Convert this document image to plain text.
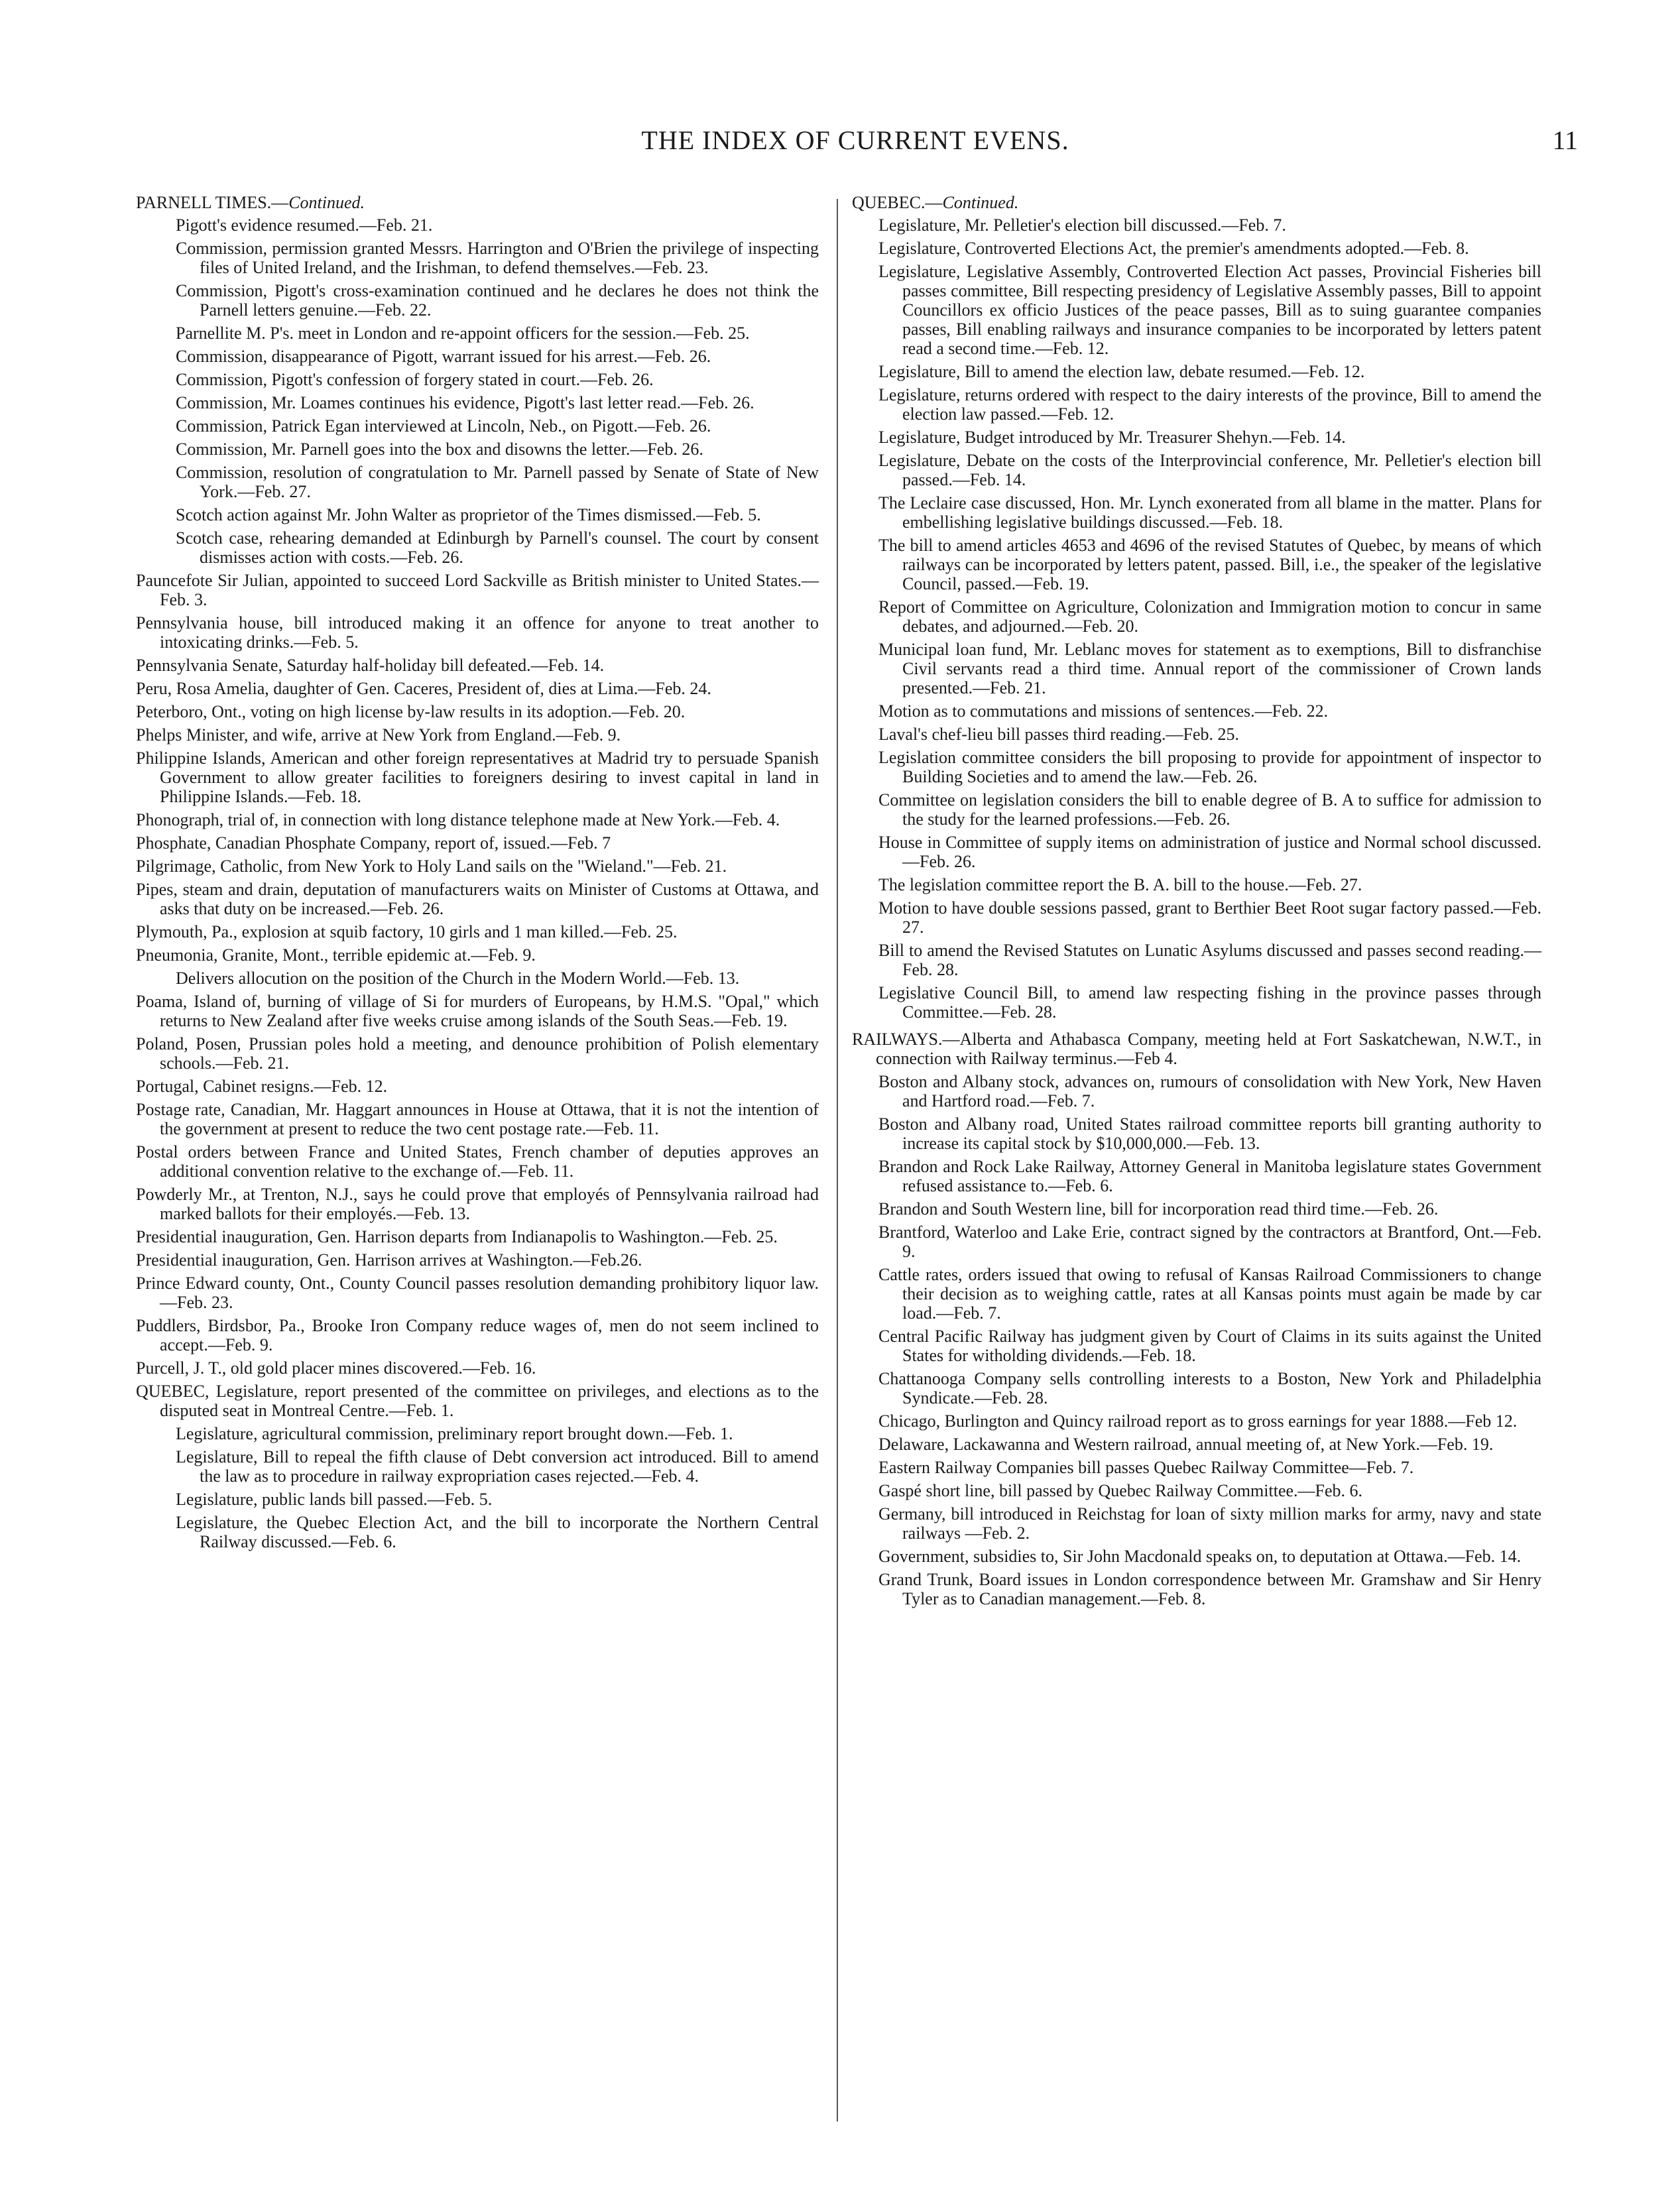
THE INDEX OF CURRENT EVENS.	11
PARNELL TIMES.—Continued.
Pigott's evidence resumed.—Feb. 21.
Commission, permission granted Messrs. Harrington and O'Brien the privilege of inspecting files of United Ireland, and the Irishman, to defend themselves.—Feb. 23.
Commission, Pigott's cross-examination continued and he declares he does not think the Parnell letters genuine.—Feb. 22.
Parnellite M. P's. meet in London and re-appoint officers for the session.—Feb. 25.
Commission, disappearance of Pigott, warrant issued for his arrest.—Feb. 26.
Commission, Pigott's confession of forgery stated in court.—Feb. 26.
Commission, Mr. Loames continues his evidence, Pigott's last letter read.—Feb. 26.
Commission, Patrick Egan interviewed at Lincoln, Neb., on Pigott.—Feb. 26.
Commission, Mr. Parnell goes into the box and disowns the letter.—Feb. 26.
Commission, resolution of congratulation to Mr. Parnell passed by Senate of State of New York.—Feb. 27.
Scotch action against Mr. John Walter as proprietor of the Times dismissed.—Feb. 5.
Scotch case, rehearing demanded at Edinburgh by Parnell's counsel. The court by consent dismisses action with costs.—Feb. 26.
Pauncefote Sir Julian, appointed to succeed Lord Sackville as British minister to United States.—Feb. 3.
Pennsylvania house, bill introduced making it an offence for anyone to treat another to intoxicating drinks.—Feb. 5.
Pennsylvania Senate, Saturday half-holiday bill defeated.—Feb. 14.
Peru, Rosa Amelia, daughter of Gen. Caceres, President of, dies at Lima.—Feb. 24.
Peterboro, Ont., voting on high license by-law results in its adoption.—Feb. 20.
Phelps Minister, and wife, arrive at New York from England.—Feb. 9.
Philippine Islands, American and other foreign representatives at Madrid try to persuade Spanish Government to allow greater facilities to foreigners desiring to invest capital in land in Philippine Islands.—Feb. 18.
Phonograph, trial of, in connection with long distance telephone made at New York.—Feb. 4.
Phosphate, Canadian Phosphate Company, report of, issued.—Feb. 7
Pilgrimage, Catholic, from New York to Holy Land sails on the "Wieland."—Feb. 21.
Pipes, steam and drain, deputation of manufacturers waits on Minister of Customs at Ottawa, and asks that duty on be increased.—Feb. 26.
Plymouth, Pa., explosion at squib factory, 10 girls and 1 man killed.—Feb. 25.
Pneumonia, Granite, Mont., terrible epidemic at.—Feb. 9.
Delivers allocution on the position of the Church in the Modern World.—Feb. 13.
Poama, Island of, burning of village of Si for murders of Europeans, by H.M.S. "Opal," which returns to New Zealand after five weeks cruise among islands of the South Seas.—Feb. 19.
Poland, Posen, Prussian poles hold a meeting, and denounce prohibition of Polish elementary schools.—Feb. 21.
Portugal, Cabinet resigns.—Feb. 12.
Postage rate, Canadian, Mr. Haggart announces in House at Ottawa, that it is not the intention of the government at present to reduce the two cent postage rate.—Feb. 11.
Postal orders between France and United States, French chamber of deputies approves an additional convention relative to the exchange of.—Feb. 11.
Powderly Mr., at Trenton, N.J., says he could prove that employés of Pennsylvania railroad had marked ballots for their employés.—Feb. 13.
Presidential inauguration, Gen. Harrison departs from Indianapolis to Washington.—Feb. 25.
Presidential inauguration, Gen. Harrison arrives at Washington.—Feb.26.
Prince Edward county, Ont., County Council passes resolution demanding prohibitory liquor law.—Feb. 23.
Puddlers, Birdsbor, Pa., Brooke Iron Company reduce wages of, men do not seem inclined to accept.—Feb. 9.
Purcell, J. T., old gold placer mines discovered.—Feb. 16.
QUEBEC, Legislature, report presented of the committee on privileges, and elections as to the disputed seat in Montreal Centre.—Feb. 1.
Legislature, agricultural commission, preliminary report brought down.—Feb. 1.
Legislature, Bill to repeal the fifth clause of Debt conversion act introduced. Bill to amend the law as to procedure in railway expropriation cases rejected.—Feb. 4.
Legislature, public lands bill passed.—Feb. 5.
Legislature, the Quebec Election Act, and the bill to incorporate the Northern Central Railway discussed.—Feb. 6.
QUEBEC.—Continued.
Legislature, Mr. Pelletier's election bill discussed.—Feb. 7.
Legislature, Controverted Elections Act, the premier's amendments adopted.—Feb. 8.
Legislature, Legislative Assembly, Controverted Election Act passes, Provincial Fisheries bill passes committee, Bill respecting presidency of Legislative Assembly passes, Bill to appoint Councillors ex officio Justices of the peace passes, Bill as to suing guarantee companies passes, Bill enabling railways and insurance companies to be incorporated by letters patent read a second time.—Feb. 12.
Legislature, Bill to amend the election law, debate resumed.—Feb. 12.
Legislature, returns ordered with respect to the dairy interests of the province, Bill to amend the election law passed.—Feb. 12.
Legislature, Budget introduced by Mr. Treasurer Shehyn.—Feb. 14.
Legislature, Debate on the costs of the Interprovincial conference, Mr. Pelletier's election bill passed.—Feb. 14.
The Leclaire case discussed, Hon. Mr. Lynch exonerated from all blame in the matter. Plans for embellishing legislative buildings discussed.—Feb. 18.
The bill to amend articles 4653 and 4696 of the revised Statutes of Quebec, by means of which railways can be incorporated by letters patent, passed. Bill, i.e., the speaker of the legislative Council, passed.—Feb. 19.
Report of Committee on Agriculture, Colonization and Immigration motion to concur in same debates, and adjourned.—Feb. 20.
Municipal loan fund, Mr. Leblanc moves for statement as to exemptions, Bill to disfranchise Civil servants read a third time. Annual report of the commissioner of Crown lands presented.—Feb. 21.
Motion as to commutations and missions of sentences.—Feb. 22.
Laval's chef-lieu bill passes third reading.—Feb. 25.
Legislation committee considers the bill proposing to provide for appointment of inspector to Building Societies and to amend the law.—Feb. 26.
Committee on legislation considers the bill to enable degree of B. A to suffice for admission to the study for the learned professions.—Feb. 26.
House in Committee of supply items on administration of justice and Normal school discussed.—Feb. 26.
The legislation committee report the B. A. bill to the house.—Feb. 27.
Motion to have double sessions passed, grant to Berthier Beet Root sugar factory passed.—Feb. 27.
Bill to amend the Revised Statutes on Lunatic Asylums discussed and passes second reading.—Feb. 28.
Legislative Council Bill, to amend law respecting fishing in the province passes through Committee.—Feb. 28.
RAILWAYS.—Alberta and Athabasca Company, meeting held at Fort Saskatchewan, N.W.T., in connection with Railway terminus.—Feb 4.
Boston and Albany stock, advances on, rumours of consolidation with New York, New Haven and Hartford road.—Feb. 7.
Boston and Albany road, United States railroad committee reports bill granting authority to increase its capital stock by $10,000,000.—Feb. 13.
Brandon and Rock Lake Railway, Attorney General in Manitoba legislature states Government refused assistance to.—Feb. 6.
Brandon and South Western line, bill for incorporation read third time.—Feb. 26.
Brantford, Waterloo and Lake Erie, contract signed by the contractors at Brantford, Ont.—Feb. 9.
Cattle rates, orders issued that owing to refusal of Kansas Railroad Commissioners to change their decision as to weighing cattle, rates at all Kansas points must again be made by car load.—Feb. 7.
Central Pacific Railway has judgment given by Court of Claims in its suits against the United States for witholding dividends.—Feb. 18.
Chattanooga Company sells controlling interests to a Boston, New York and Philadelphia Syndicate.—Feb. 28.
Chicago, Burlington and Quincy railroad report as to gross earnings for year 1888.—Feb 12.
Delaware, Lackawanna and Western railroad, annual meeting of, at New York.—Feb. 19.
Eastern Railway Companies bill passes Quebec Railway Committee—Feb. 7.
Gaspé short line, bill passed by Quebec Railway Committee.—Feb. 6.
Germany, bill introduced in Reichstag for loan of sixty million marks for army, navy and state railways —Feb. 2.
Government, subsidies to, Sir John Macdonald speaks on, to deputation at Ottawa.—Feb. 14.
Grand Trunk, Board issues in London correspondence between Mr. Gramshaw and Sir Henry Tyler as to Canadian management.—Feb. 8.
